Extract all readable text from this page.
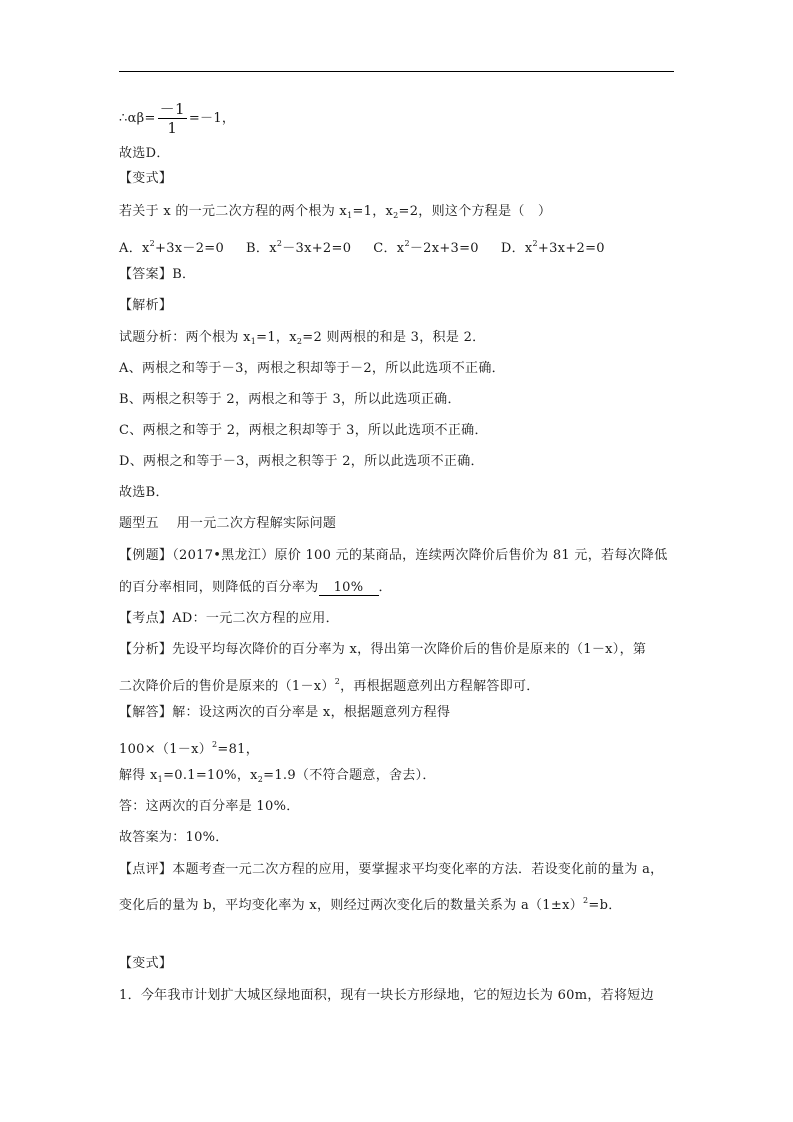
∴αβ= $\frac{-1}{1} =-1$，
故选D．
【变式】
若关于 x 的一元二次方程的两个根为 $x_1=1$，$x_2=2$，则这个方程是（　）
A．$x^2+3x-2=0$ B．$x^2-3x+2=0$ C．$x^2-2x+3=0$ D．$x^2+3x+2=0$
【答案】B．
【解析】
试题分析：两个根为 $x_1=1$，$x_2=2$ 则两根的和是 3，积是 2．
A、两根之和等于－3，两根之积却等于－2，所以此选项不正确．
B、两根之积等于 2，两根之和等于 3，所以此选项正确．
C、两根之和等于 2，两根之积却等于 3，所以此选项不正确．
D、两根之和等于－3，两根之积等于 2，所以此选项不正确．
故选B．
题型五　 用一元二次方程解实际问题
【例题】（2017•黑龙江）原价 100 元的某商品，连续两次降价后售价为 81 元，若每次降低
的百分率相同，则降低的百分率为 10% ．
【考点】AD：一元二次方程的应用．
【分析】先设平均每次降价的百分率为 x，得出第一次降价后的售价是原来的（1－x），第
二次降价后的售价是原来的$(1-x)^2$，再根据题意列出方程解答即可．
【解答】解：设这两次的百分率是 x，根据题意列方程得
$100\times(1-x)^2=81$，
解得 $x_1=0.1=10\%$，$x_2=1.9$（不符合题意，舍去）．
答：这两次的百分率是 10%．
故答案为：10%．
【点评】本题考查一元二次方程的应用，要掌握求平均变化率的方法．若设变化前的量为 a，
变化后的量为 b，平均变化率为 x，则经过两次变化后的数量关系为 $a(1\pm x)^2=b$．
【变式】
1．今年我市计划扩大城区绿地面积，现有一块长方形绿地，它的短边长为 60m，若将短边
